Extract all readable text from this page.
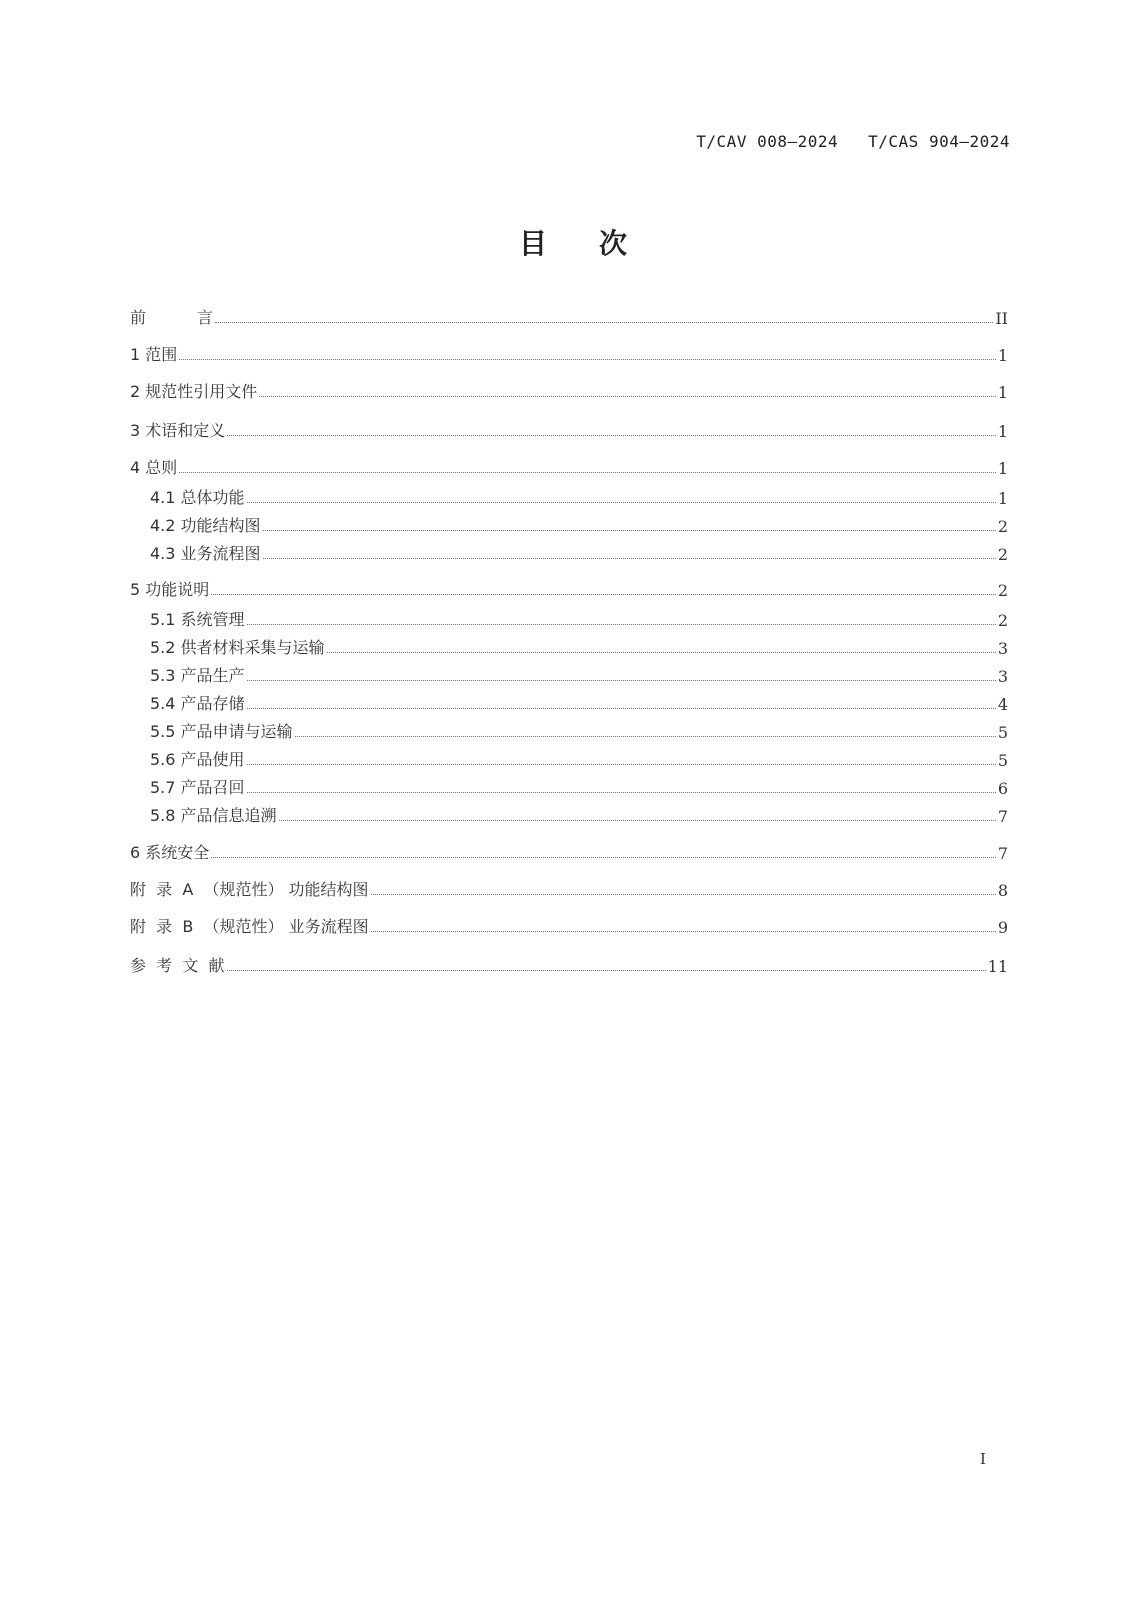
T/CAV 008—2024 T/CAS 904—2024
目次
前          言	II
1 范围	1
2 规范性引用文件	1
3 术语和定义	1
4 总则	1
4.1 总体功能	1
4.2 功能结构图	2
4.3 业务流程图	2
5 功能说明	2
5.1 系统管理	2
5.2 供者材料采集与运输	3
5.3 产品生产	3
5.4 产品存储	4
5.5 产品申请与运输	5
5.6 产品使用	5
5.7 产品召回	6
5.8 产品信息追溯	7
6 系统安全	7
附  录  A  （规范性） 功能结构图	8
附  录  B  （规范性） 业务流程图	9
参  考  文  献	11
I
